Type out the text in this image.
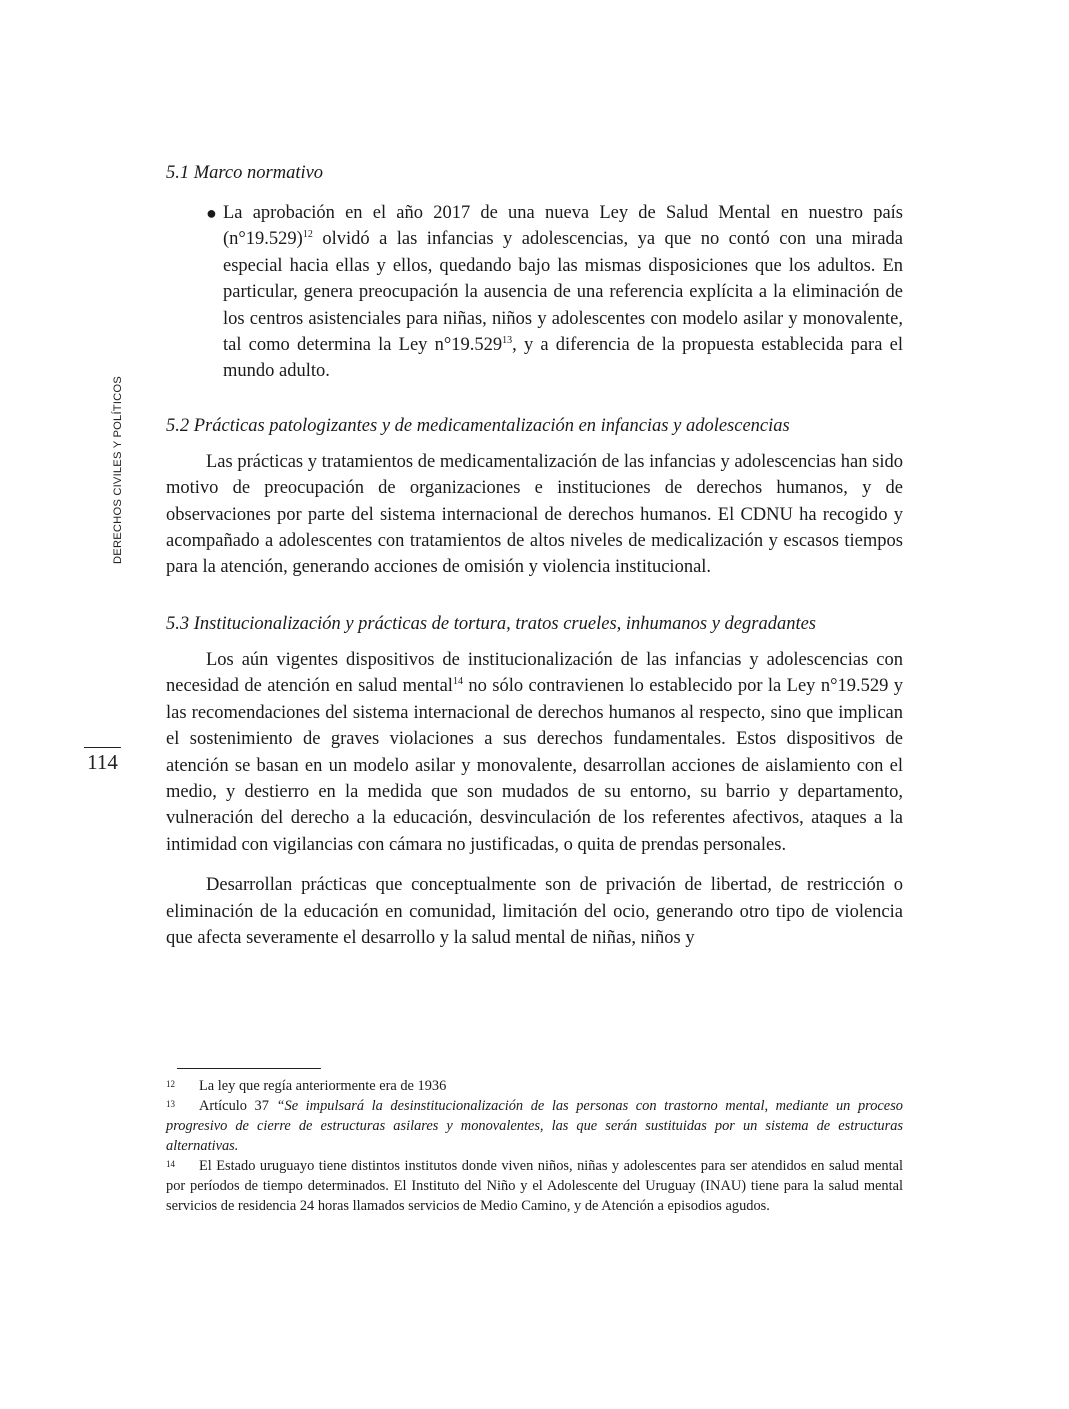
DERECHOS CIVILES Y POLÍTICOS
114

5.1 Marco normativo

● La aprobación en el año 2017 de una nueva Ley de Salud Mental en nuestro país $(n^\circ 19.529)^{12}$ olvidó a las infancias y adolescencias, ya que no contó con una mirada especial hacia ellas y ellos, quedando bajo las mismas disposiciones que los adultos. En particular, genera preocupación la ausencia de una referencia explícita a la eliminación de los centros asistenciales para niñas, niños y adolescentes con modelo asilar y monovalente, tal como determina la Ley n°19.529$^{13}$, y a diferencia de la propuesta establecida para el mundo adulto.

5.2 Prácticas patologizantes y de medicamentalización en infancias y adolescencias

Las prácticas y tratamientos de medicamentalización de las infancias y adolescencias han sido motivo de preocupación de organizaciones e instituciones de derechos humanos, y de observaciones por parte del sistema internacional de derechos humanos. El CDNU ha recogido y acompañado a adolescentes con tratamientos de altos niveles de medicalización y escasos tiempos para la atención, generando acciones de omisión y violencia institucional.

5.3 Institucionalización y prácticas de tortura, tratos crueles, inhumanos y degradantes

Los aún vigentes dispositivos de institucionalización de las infancias y adolescencias con necesidad de atención en salud mental$^{14}$ no sólo contravienen lo establecido por la Ley n°19.529 y las recomendaciones del sistema internacional de derechos humanos al respecto, sino que implican el sostenimiento de graves violaciones a sus derechos fundamentales. Estos dispositivos de atención se basan en un modelo asilar y monovalente, desarrollan acciones de aislamiento con el medio, y destierro en la medida que son mudados de su entorno, su barrio y departamento, vulneración del derecho a la educación, desvinculación de los referentes afectivos, ataques a la intimidad con vigilancias con cámara no justificadas, o quita de prendas personales.

Desarrollan prácticas que conceptualmente son de privación de libertad, de restricción o eliminación de la educación en comunidad, limitación del ocio, generando otro tipo de violencia que afecta severamente el desarrollo y la salud mental de niñas, niños y

12 La ley que regía anteriormente era de 1936

13 Artículo 37 “Se impulsará la desinstitucionalización de las personas con trastorno mental, mediante un proceso progresivo de cierre de estructuras asilares y monovalentes, las que serán sustituidas por un sistema de estructuras alternativas.

14 El Estado uruguayo tiene distintos institutos donde viven niños, niñas y adolescentes para ser atendidos en salud mental por períodos de tiempo determinados. El Instituto del Niño y el Adolescente del Uruguay (INAU) tiene para la salud mental servicios de residencia 24 horas llamados servicios de Medio Camino, y de Atención a episodios agudos.
